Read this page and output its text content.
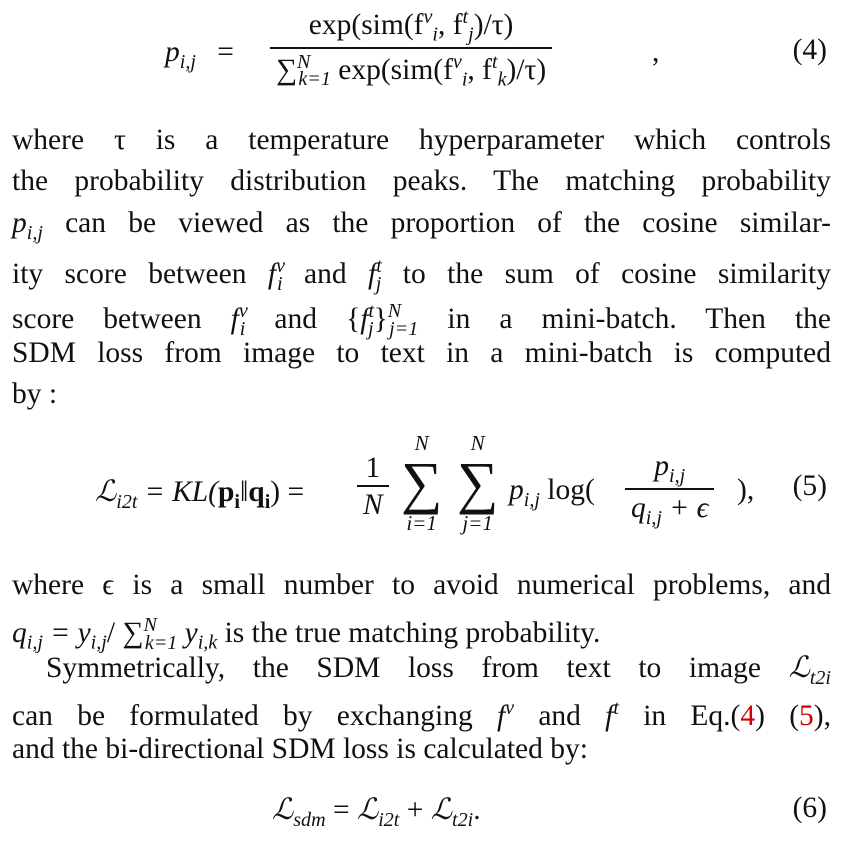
$p_{i,j}$ =
$\exp(sim(f^v_i$, $f^t_j)/\tau$)
∑$^N_{k=1}$ $\exp(sim(f^v_i$, $f^t_k)/\tau$)
,	(4)
where τ is a temperature hyperparameter which controls
the probability distribution peaks. The matching probability
$p_{i,j}$ can be viewed as the proportion of the cosine similar-
ity score between $f^v_i$ and $f^t_j$ to the sum of cosine similarity
score between $f^v_i$ and $\{f^t_j\}^N_{j=1}$ in a mini-batch. Then the
SDM loss from image to text in a mini-batch is computed
by :
ℒ$_{i2t}$ = $KL(p_i‖q_i) = \frac{1}{N}$
N
∑
i=1
N
∑
j=1
$p_{i,j}$ $\log( \frac{p_{i,j}}{q_{i,j} + \epsilon}$ ), (5)
where ϵ is a small number to avoid numerical problems, and
$q_{i,j} = y_{i,j}/$ ∑$^N_{k=1}$ $y_{i,k}$ is the true matching probability.
Symmetrically, the SDM loss from text to image ℒ$_{t2i}$
can be formulated by exchanging $f^v$ and $f^t$ in Eq.(4) (5),
and the bi-directional SDM loss is calculated by:
ℒ$_{sdm}$ = ℒ$_{i2t}$ + ℒ$_{t2i}$.	(6)
